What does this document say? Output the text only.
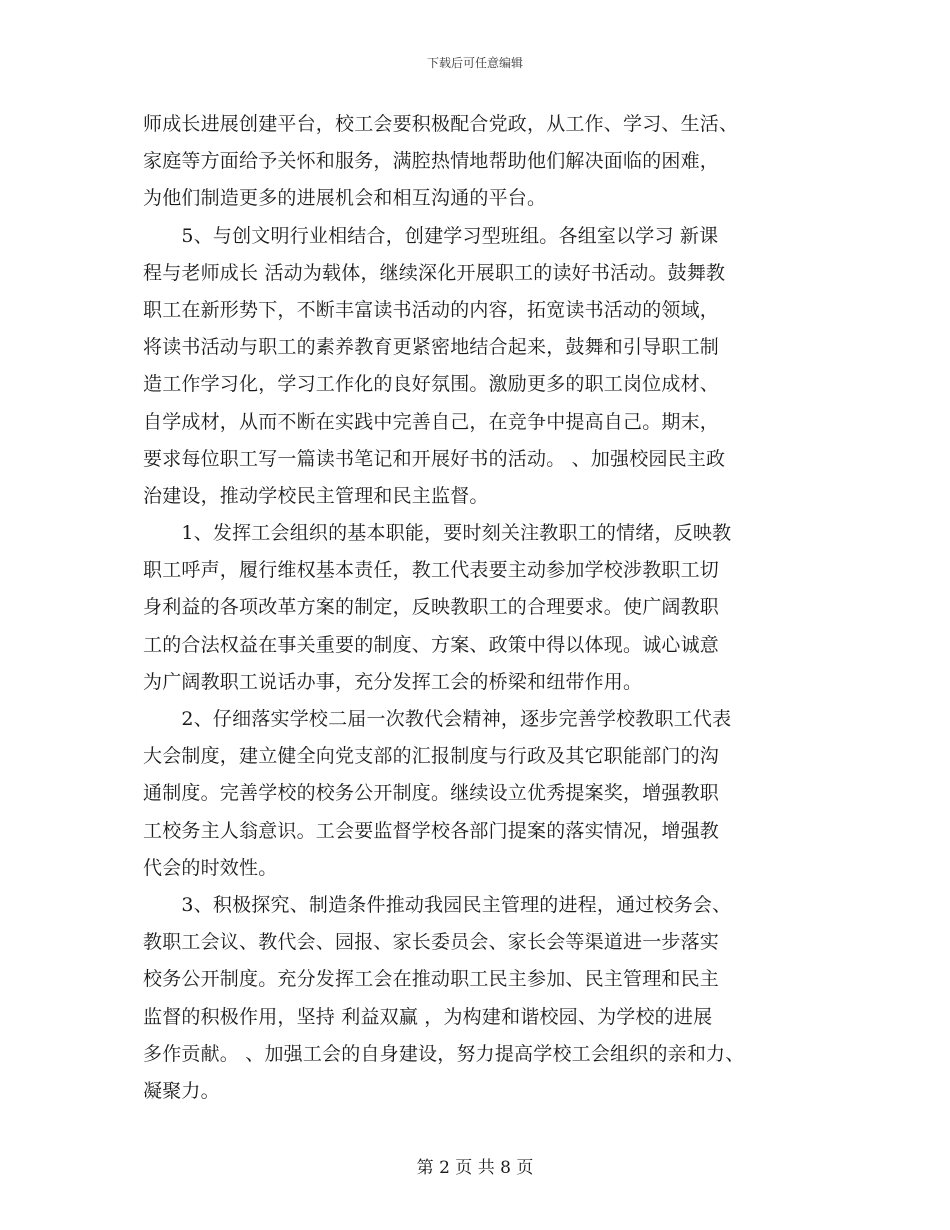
下载后可任意编辑
师成长进展创建平台，校工会要积极配合党政，从工作、学习、生活、
家庭等方面给予关怀和服务，满腔热情地帮助他们解决面临的困难，
为他们制造更多的进展机会和相互沟通的平台。
　　5、与创文明行业相结合，创建学习型班组。各组室以学习 新课
程与老师成长 活动为载体，继续深化开展职工的读好书活动。鼓舞教
职工在新形势下，不断丰富读书活动的内容，拓宽读书活动的领域，
将读书活动与职工的素养教育更紧密地结合起来，鼓舞和引导职工制
造工作学习化，学习工作化的良好氛围。激励更多的职工岗位成材、
自学成材，从而不断在实践中完善自己，在竞争中提高自己。期末，
要求每位职工写一篇读书笔记和开展好书的活动。 、加强校园民主政
治建设，推动学校民主管理和民主监督。
　　1、发挥工会组织的基本职能，要时刻关注教职工的情绪，反映教
职工呼声，履行维权基本责任，教工代表要主动参加学校涉教职工切
身利益的各项改革方案的制定，反映教职工的合理要求。使广阔教职
工的合法权益在事关重要的制度、方案、政策中得以体现。诚心诚意
为广阔教职工说话办事，充分发挥工会的桥梁和纽带作用。
　　2、仔细落实学校二届一次教代会精神，逐步完善学校教职工代表
大会制度，建立健全向党支部的汇报制度与行政及其它职能部门的沟
通制度。完善学校的校务公开制度。继续设立优秀提案奖，增强教职
工校务主人翁意识。工会要监督学校各部门提案的落实情况，增强教
代会的时效性。
　　3、积极探究、制造条件推动我园民主管理的进程，通过校务会、
教职工会议、教代会、园报、家长委员会、家长会等渠道进一步落实
校务公开制度。充分发挥工会在推动职工民主参加、民主管理和民主
监督的积极作用，坚持 利益双赢 ，为构建和谐校园、为学校的进展
多作贡献。 、加强工会的自身建设，努力提高学校工会组织的亲和力、
凝聚力。
第 2 页 共 8 页
